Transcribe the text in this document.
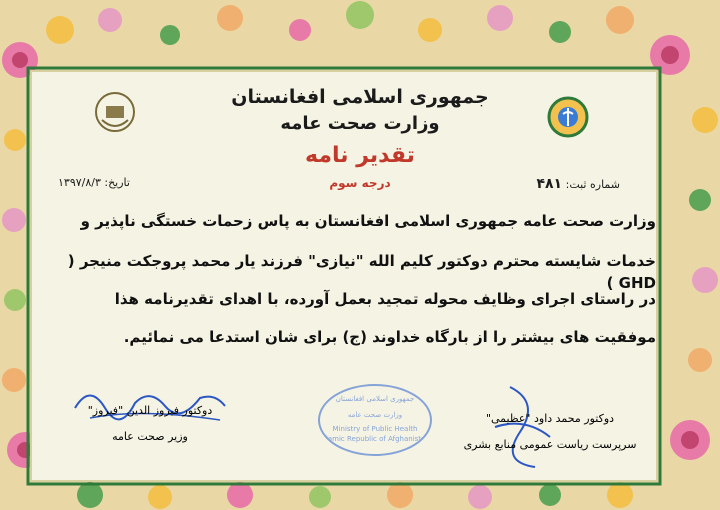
جمهوری اسلامی افغانستان
وزارت صحت عامه
تقدیر نامه
درجه سوم	شماره ثبت: ۴۸۱
تاریخ: ۱۳۹۷/۸/۳
وزارت صحت عامه جمهوری اسلامی افغانستان به پاس زحمات خستگی ناپذیر و
خدمات شایسته محترم دوکتور کلیم الله "نیازی" فرزند یار محمد پروجکت منیجر ( GHD )
در راستای اجرای وظایف محوله تمجید بعمل آورده، با اهدای تقدیرنامه هذا
موفقیت های بیشتر را از بارگاه خداوند (ج) برای شان استدعا می نمائیم.
دوکتور فیروز الدین "فیروز"
وزیر صحت عامه
دوکتور محمد داود "عظیمی"
سرپرست ریاست عمومی منابع بشری
جمهوری اسلامی افغانستان
وزارت صحت عامه
Ministry of Public Health
Islamic Republic of Afghanistan
